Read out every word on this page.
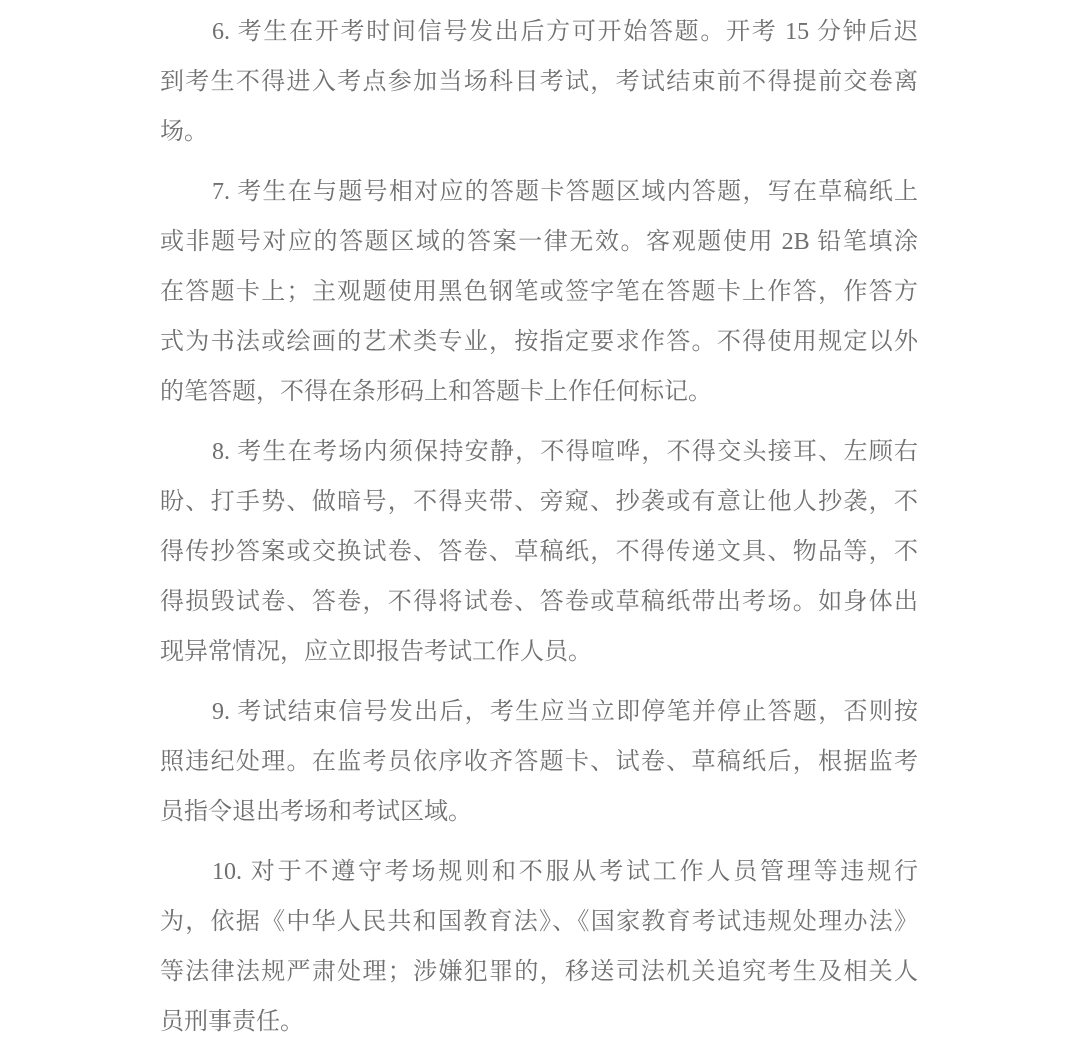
6. 考生在开考时间信号发出后方可开始答题。开考 15 分钟后迟
到考生不得进入考点参加当场科目考试，考试结束前不得提前交卷离
场。
7. 考生在与题号相对应的答题卡答题区域内答题，写在草稿纸上
或非题号对应的答题区域的答案一律无效。客观题使用 2B 铅笔填涂
在答题卡上；主观题使用黑色钢笔或签字笔在答题卡上作答，作答方
式为书法或绘画的艺术类专业，按指定要求作答。不得使用规定以外
的笔答题，不得在条形码上和答题卡上作任何标记。
8. 考生在考场内须保持安静，不得喧哗，不得交头接耳、左顾右
盼、打手势、做暗号，不得夹带、旁窥、抄袭或有意让他人抄袭，不
得传抄答案或交换试卷、答卷、草稿纸，不得传递文具、物品等，不
得损毁试卷、答卷，不得将试卷、答卷或草稿纸带出考场。如身体出
现异常情况，应立即报告考试工作人员。
9. 考试结束信号发出后，考生应当立即停笔并停止答题，否则按
照违纪处理。在监考员依序收齐答题卡、试卷、草稿纸后，根据监考
员指令退出考场和考试区域。
10. 对于不遵守考场规则和不服从考试工作人员管理等违规行
为，依据《中华人民共和国教育法》、《国家教育考试违规处理办法》
等法律法规严肃处理；涉嫌犯罪的，移送司法机关追究考生及相关人
员刑事责任。
